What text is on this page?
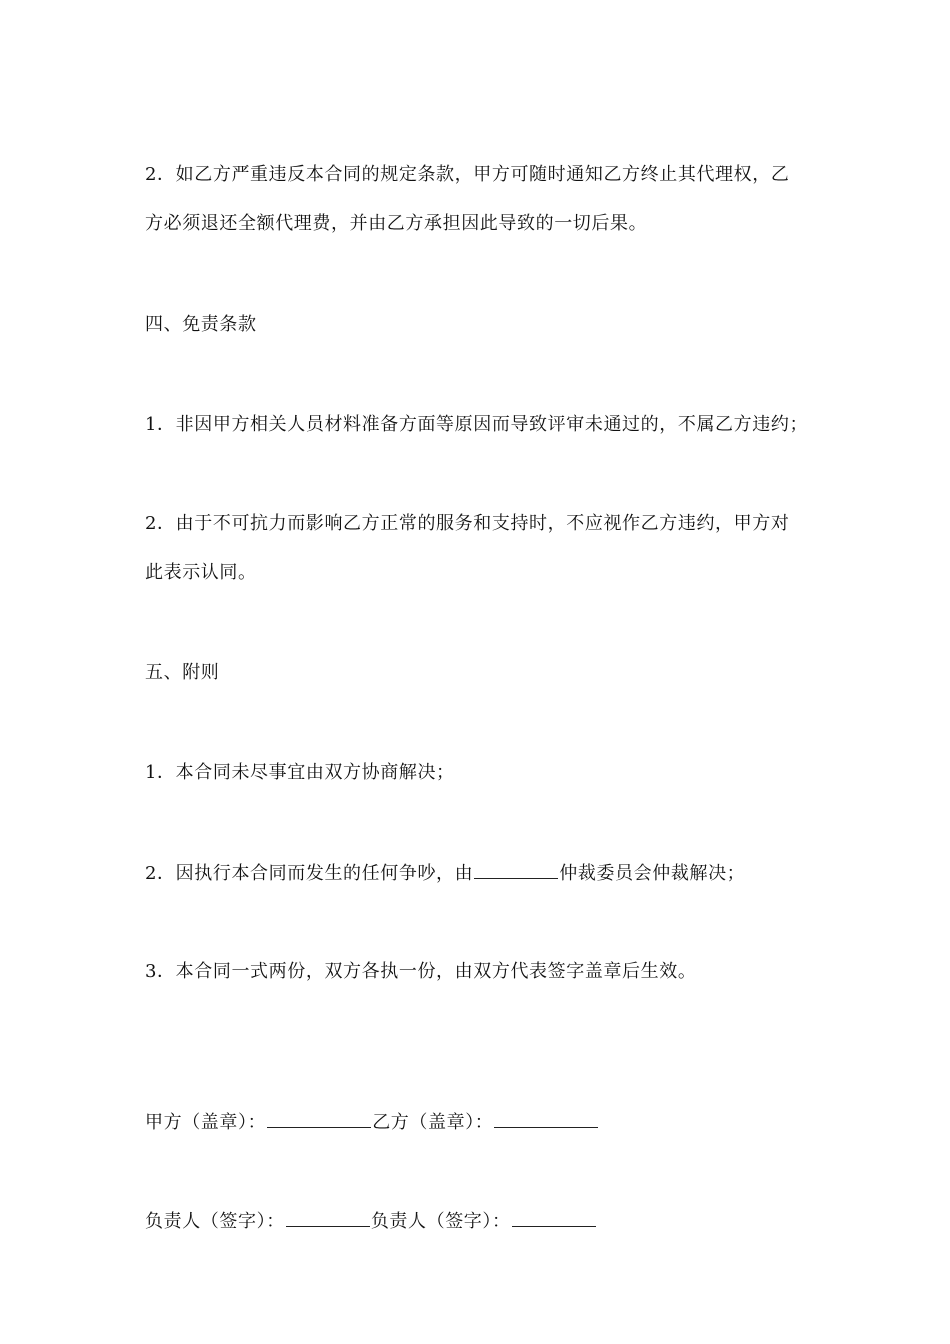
2．如乙方严重违反本合同的规定条款，甲方可随时通知乙方终止其代理权，乙
方必须退还全额代理费，并由乙方承担因此导致的一切后果。
四、免责条款
1．非因甲方相关人员材料准备方面等原因而导致评审未通过的，不属乙方违约；
2．由于不可抗力而影响乙方正常的服务和支持时，不应视作乙方违约，甲方对
此表示认同。
五、附则
1．本合同未尽事宜由双方协商解决；
2．因执行本合同而发生的任何争吵，由	仲裁委员会仲裁解决；
3．本合同一式两份，双方各执一份，由双方代表签字盖章后生效。
甲方（盖章）：	乙方（盖章）：
负责人（签字）：	负责人（签字）：
